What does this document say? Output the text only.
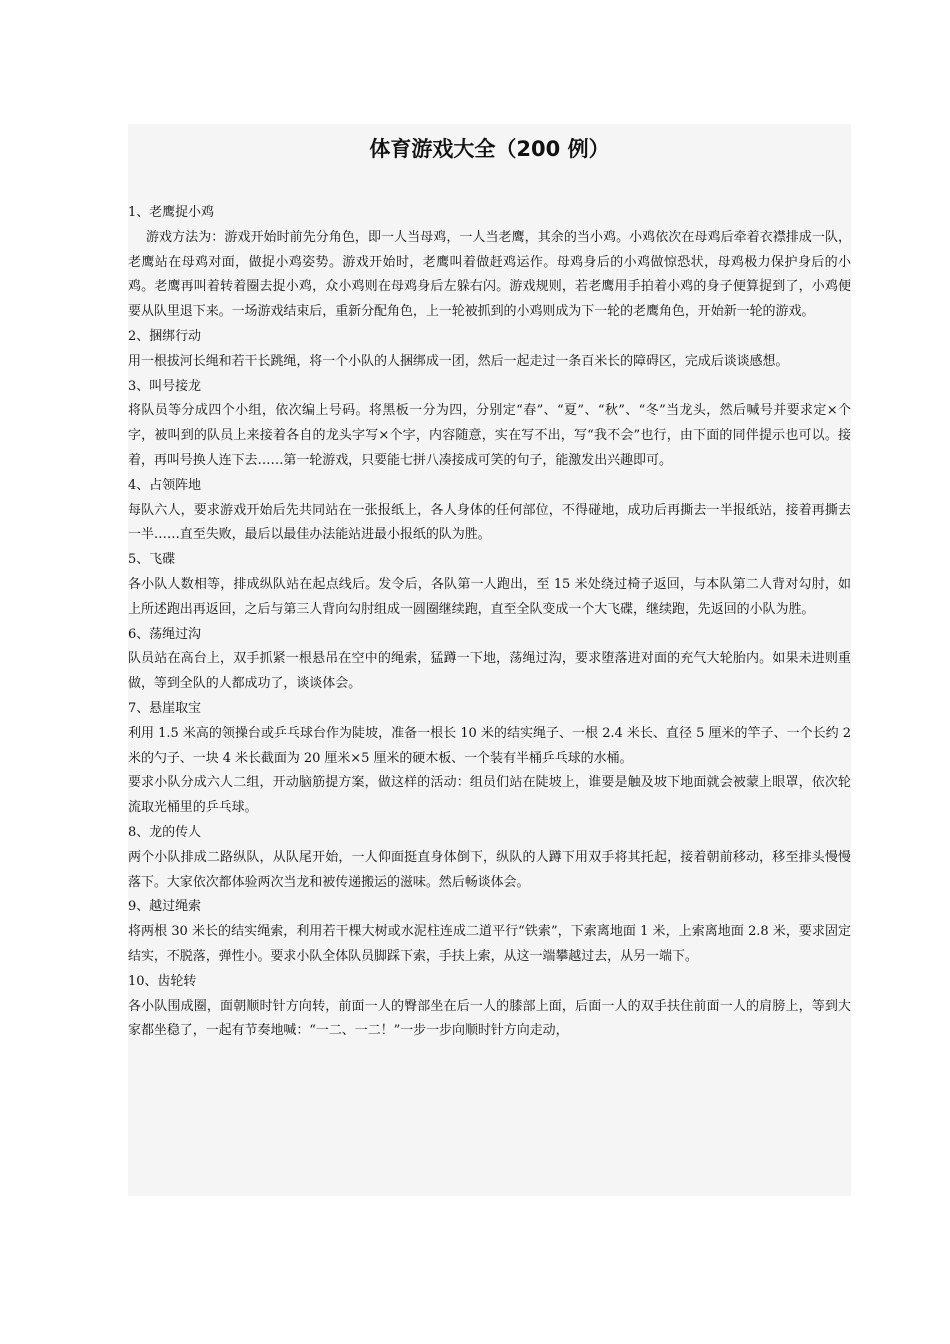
体育游戏大全（200 例）
1、老鹰捉小鸡
游戏方法为：游戏开始时前先分角色，即一人当母鸡，一人当老鹰，其余的当小鸡。小鸡依次在母鸡后牵着衣襟排成一队，老鹰站在母鸡对面，做捉小鸡姿势。游戏开始时，老鹰叫着做赶鸡运作。母鸡身后的小鸡做惊恐状，母鸡极力保护身后的小鸡。老鹰再叫着转着圈去捉小鸡，众小鸡则在母鸡身后左躲右闪。游戏规则，若老鹰用手拍着小鸡的身子便算捉到了，小鸡便要从队里退下来。一场游戏结束后，重新分配角色，上一轮被抓到的小鸡则成为下一轮的老鹰角色，开始新一轮的游戏。
2、捆绑行动
用一根拔河长绳和若干长跳绳，将一个小队的人捆绑成一团，然后一起走过一条百米长的障碍区，完成后谈谈感想。
3、叫号接龙
将队员等分成四个小组，依次编上号码。将黑板一分为四，分别定“春”、“夏”、“秋”、“冬”当龙头，然后喊号并要求定×个字，被叫到的队员上来接着各自的龙头字写×个字，内容随意，实在写不出，写“我不会”也行，由下面的同伴提示也可以。接着，再叫号换人连下去……第一轮游戏，只要能七拼八凑接成可笑的句子，能激发出兴趣即可。
4、占领阵地
每队六人，要求游戏开始后先共同站在一张报纸上，各人身体的任何部位，不得碰地，成功后再撕去一半报纸站，接着再撕去一半……直至失败，最后以最佳办法能站进最小报纸的队为胜。
5、飞碟
各小队人数相等，排成纵队站在起点线后。发令后，各队第一人跑出，至 15 米处绕过椅子返回，与本队第二人背对勾肘，如上所述跑出再返回，之后与第三人背向勾肘组成一圆圈继续跑，直至全队变成一个大飞碟，继续跑，先返回的小队为胜。
6、荡绳过沟
队员站在高台上，双手抓紧一根悬吊在空中的绳索，猛蹲一下地，荡绳过沟，要求堕落进对面的充气大轮胎内。如果未进则重做，等到全队的人都成功了，谈谈体会。
7、悬崖取宝
利用 1.5 米高的领操台或乒乓球台作为陡坡，准备一根长 10 米的结实绳子、一根 2.4 米长、直径 5 厘米的竿子、一个长约 2 米的勺子、一块 4 米长截面为 20 厘米×5 厘米的硬木板、一个装有半桶乒乓球的水桶。
要求小队分成六人二组，开动脑筋提方案，做这样的活动：组员们站在陡坡上，谁要是触及坡下地面就会被蒙上眼罩，依次轮流取光桶里的乒乓球。
8、龙的传人
两个小队排成二路纵队，从队尾开始，一人仰面挺直身体倒下，纵队的人蹲下用双手将其托起，接着朝前移动，移至排头慢慢落下。大家依次都体验两次当龙和被传递搬运的滋味。然后畅谈体会。
9、越过绳索
将两根 30 米长的结实绳索，利用若干棵大树或水泥柱连成二道平行“铁索”，下索离地面 1 米，上索离地面 2.8 米，要求固定结实，不脱落，弹性小。要求小队全体队员脚踩下索，手扶上索，从这一端攀越过去，从另一端下。
10、齿轮转
各小队围成圈，面朝顺时针方向转，前面一人的臀部坐在后一人的膝部上面，后面一人的双手扶住前面一人的肩膀上，等到大家都坐稳了，一起有节奏地喊：“一二、一二！”一步一步向顺时针方向走动，
